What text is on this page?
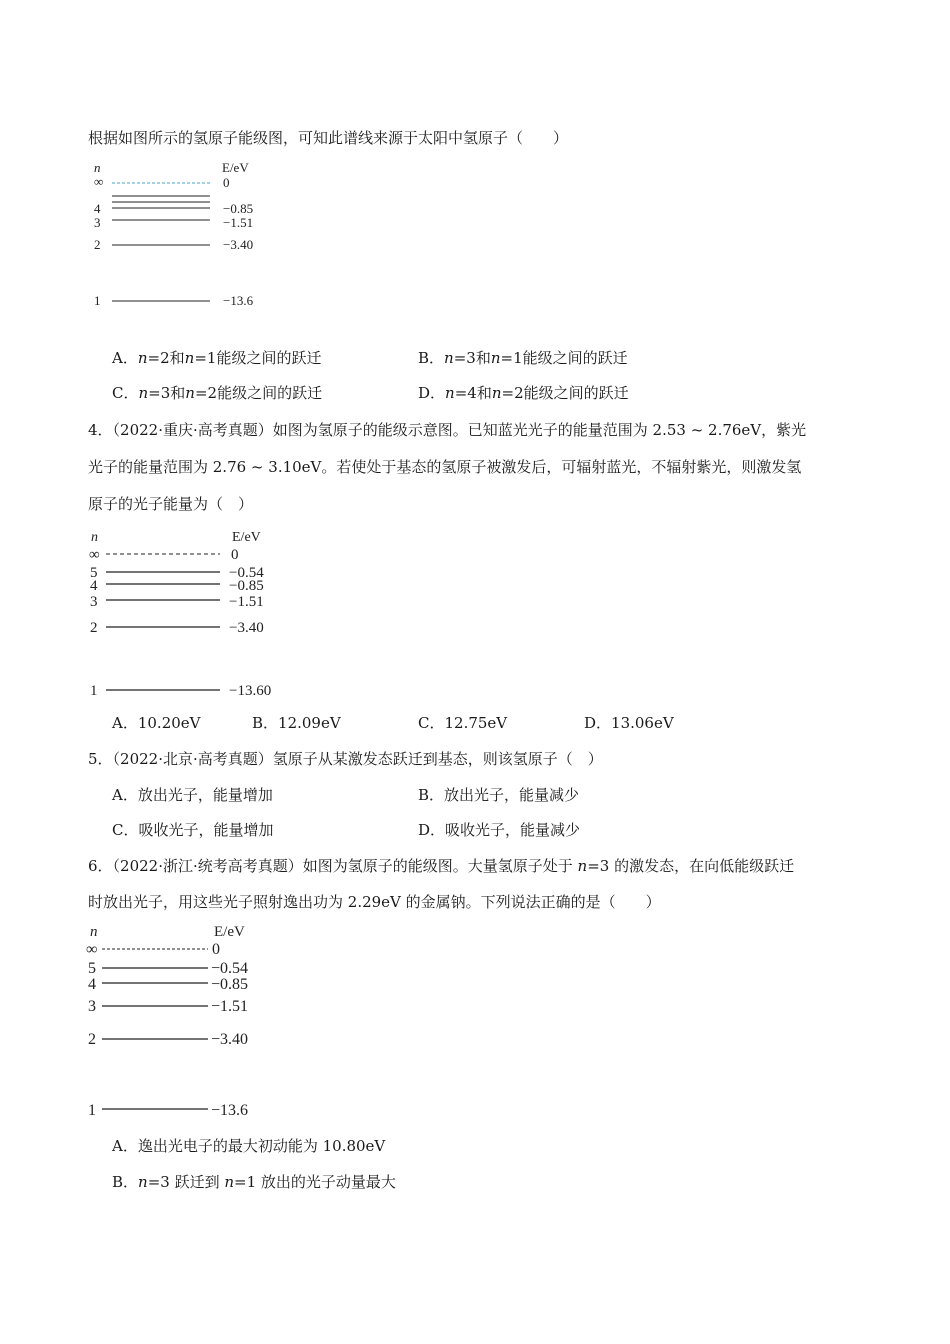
根据如图所示的氢原子能级图，可知此谱线来源于太阳中氢原子（　　）
n	E/eV
∞	0
4	−0.85
3	−1.51
2	−3.40
1	−13.6
A．n=2和n=1能级之间的跃迁	B．n=3和n=1能级之间的跃迁
C．n=3和n=2能级之间的跃迁	D．n=4和n=2能级之间的跃迁
4．（2022·重庆·高考真题）如图为氢原子的能级示意图。已知蓝光光子的能量范围为 2.53 ~ 2.76eV，紫光
光子的能量范围为 2.76 ~ 3.10eV。若使处于基态的氢原子被激发后，可辐射蓝光，不辐射紫光，则激发氢
原子的光子能量为（　）
n	E/eV
∞	0
5	−0.54
4	−0.85
3	−1.51
2	−3.40
1	−13.60
A．10.20eV	B．12.09eV	C．12.75eV	D．13.06eV
5．（2022·北京·高考真题）氢原子从某激发态跃迁到基态，则该氢原子（　）
A．放出光子，能量增加	B．放出光子，能量减少
C．吸收光子，能量增加	D．吸收光子，能量减少
6．（2022·浙江·统考高考真题）如图为氢原子的能级图。大量氢原子处于 n=3 的激发态，在向低能级跃迁
时放出光子，用这些光子照射逸出功为 2.29eV 的金属钠。下列说法正确的是（　　）
n	E/eV
∞	0
5	−0.54
4	−0.85
3	−1.51
2	−3.40
1	−13.6
A．逸出光电子的最大初动能为 10.80eV
B．n=3 跃迁到 n=1 放出的光子动量最大
